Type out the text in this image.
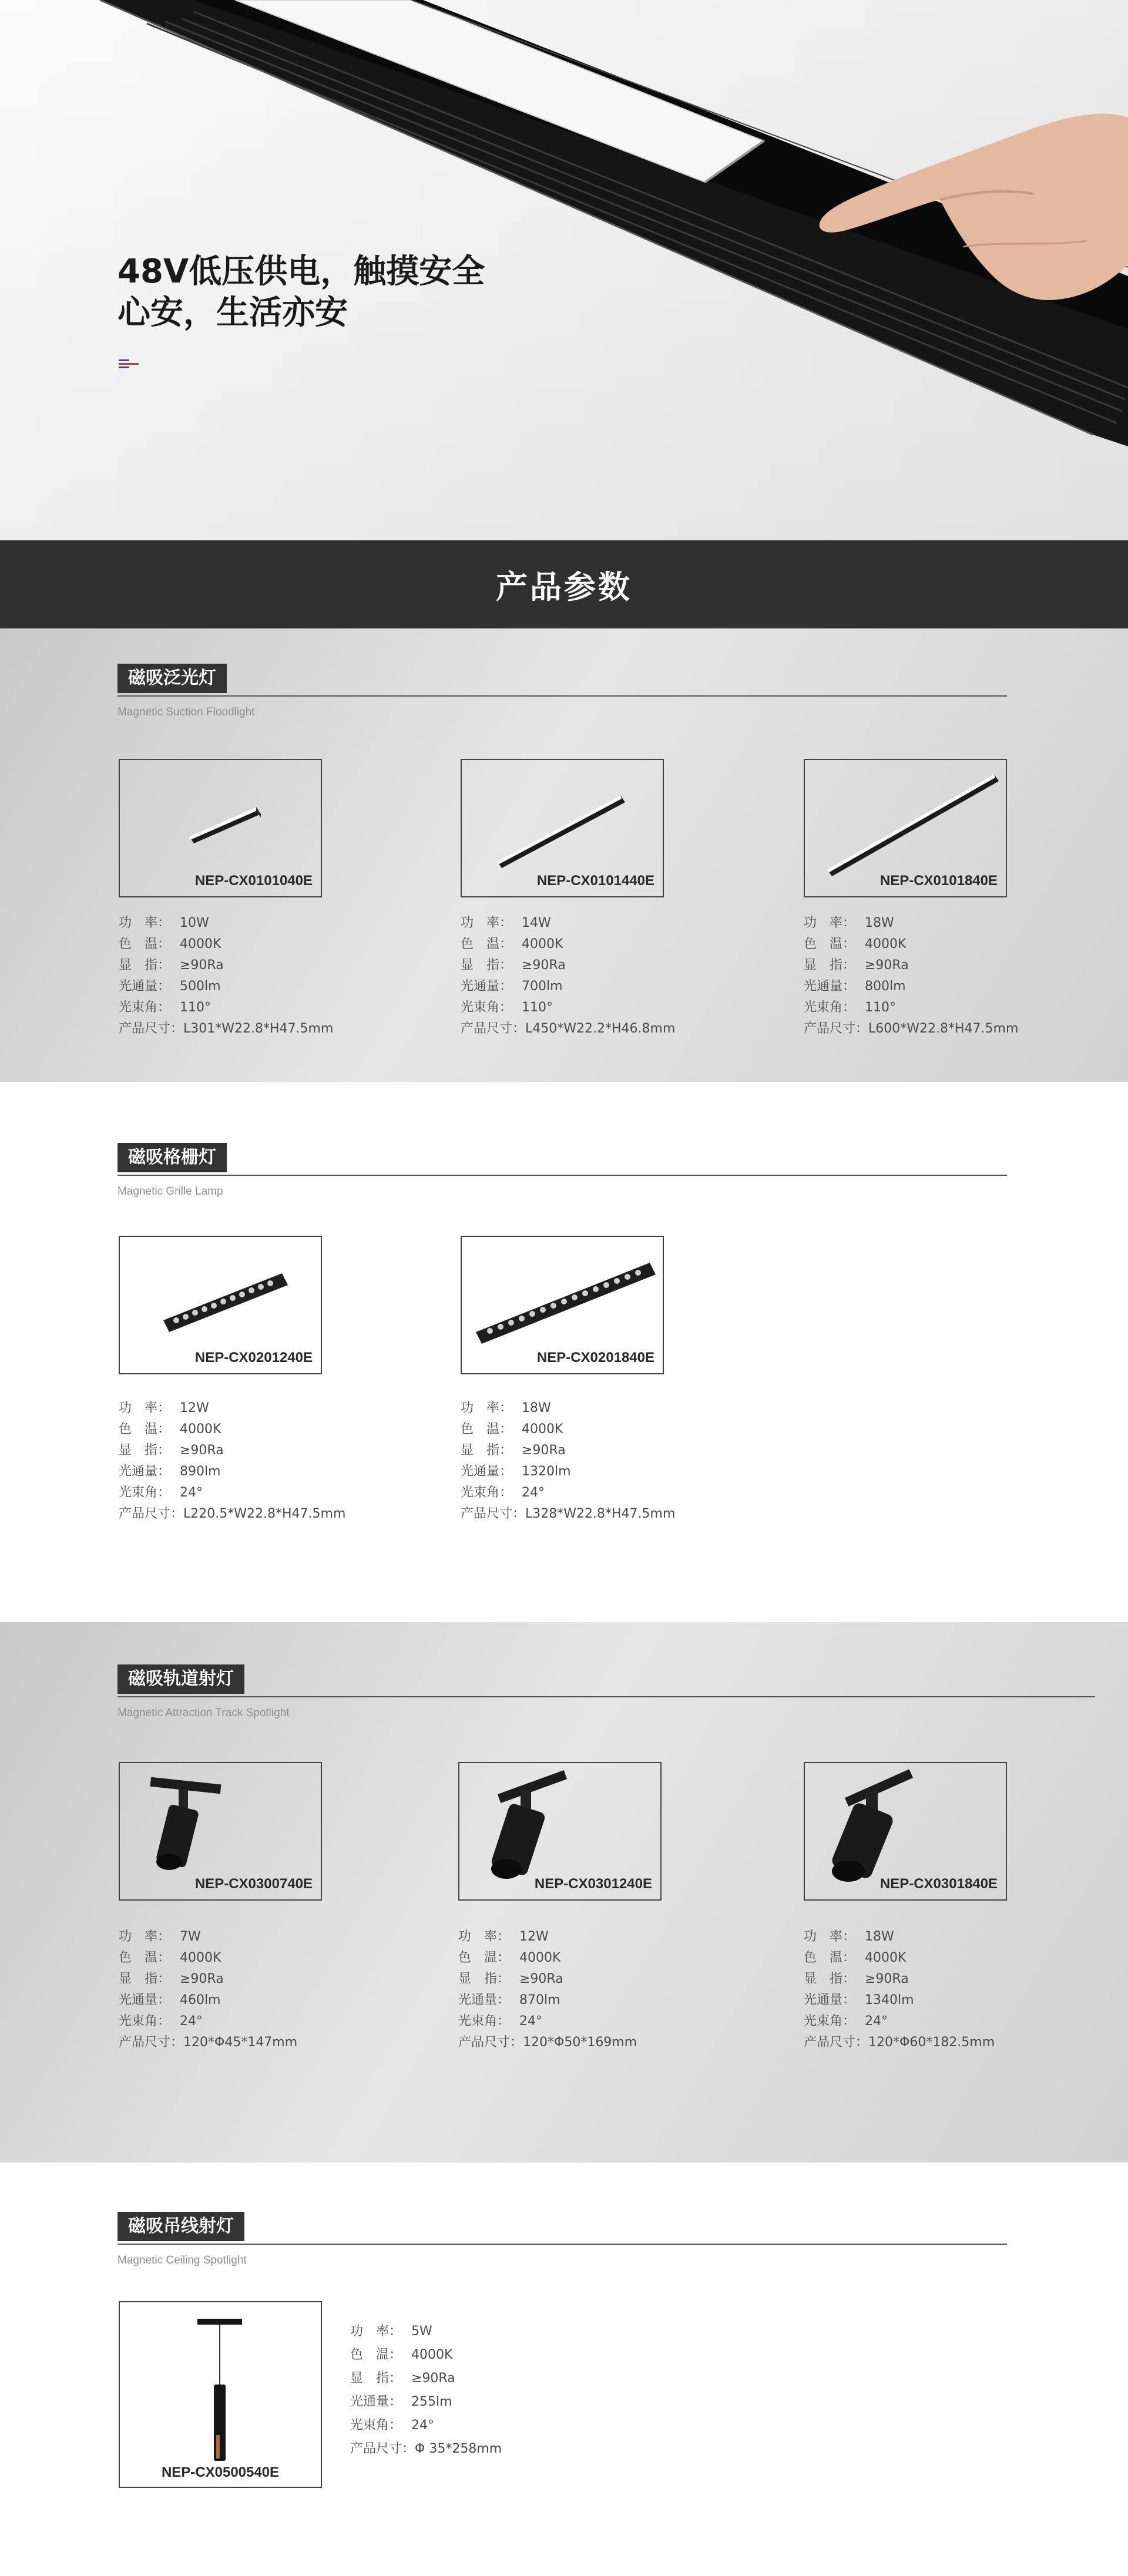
48V低压供电，触摸安全
心安，生活亦安
产品参数
磁吸泛光灯
Magnetic Suction Floodlight
NEP-CX0101040E
功　率： 10W
色　温： 4000K
显　指： ≥90Ra
光通量： 500lm
光束角： 110°
产品尺寸：L301*W22.8*H47.5mm
NEP-CX0101440E
功　率： 14W
色　温： 4000K
显　指： ≥90Ra
光通量： 700lm
光束角： 110°
产品尺寸：L450*W22.2*H46.8mm
NEP-CX0101840E
功　率： 18W
色　温： 4000K
显　指： ≥90Ra
光通量： 800lm
光束角： 110°
产品尺寸：L600*W22.8*H47.5mm
磁吸格栅灯
Magnetic Grille Lamp
NEP-CX0201240E
功　率： 12W
色　温： 4000K
显　指： ≥90Ra
光通量： 890lm
光束角： 24°
产品尺寸：L220.5*W22.8*H47.5mm
NEP-CX0201840E
功　率： 18W
色　温： 4000K
显　指： ≥90Ra
光通量： 1320lm
光束角： 24°
产品尺寸：L328*W22.8*H47.5mm
磁吸轨道射灯
Magnetic Attraction Track Spotlight
NEP-CX0300740E
功　率： 7W
色　温： 4000K
显　指： ≥90Ra
光通量： 460lm
光束角： 24°
产品尺寸：120*Φ45*147mm
NEP-CX0301240E
功　率： 12W
色　温： 4000K
显　指： ≥90Ra
光通量： 870lm
光束角： 24°
产品尺寸：120*Φ50*169mm
NEP-CX0301840E
功　率： 18W
色　温： 4000K
显　指： ≥90Ra
光通量： 1340lm
光束角： 24°
产品尺寸：120*Φ60*182.5mm
磁吸吊线射灯
Magnetic Ceiling Spotlight
NEP-CX0500540E
功　率： 5W
色　温： 4000K
显　指： ≥90Ra
光通量： 255lm
光束角： 24°
产品尺寸：Φ 35*258mm
